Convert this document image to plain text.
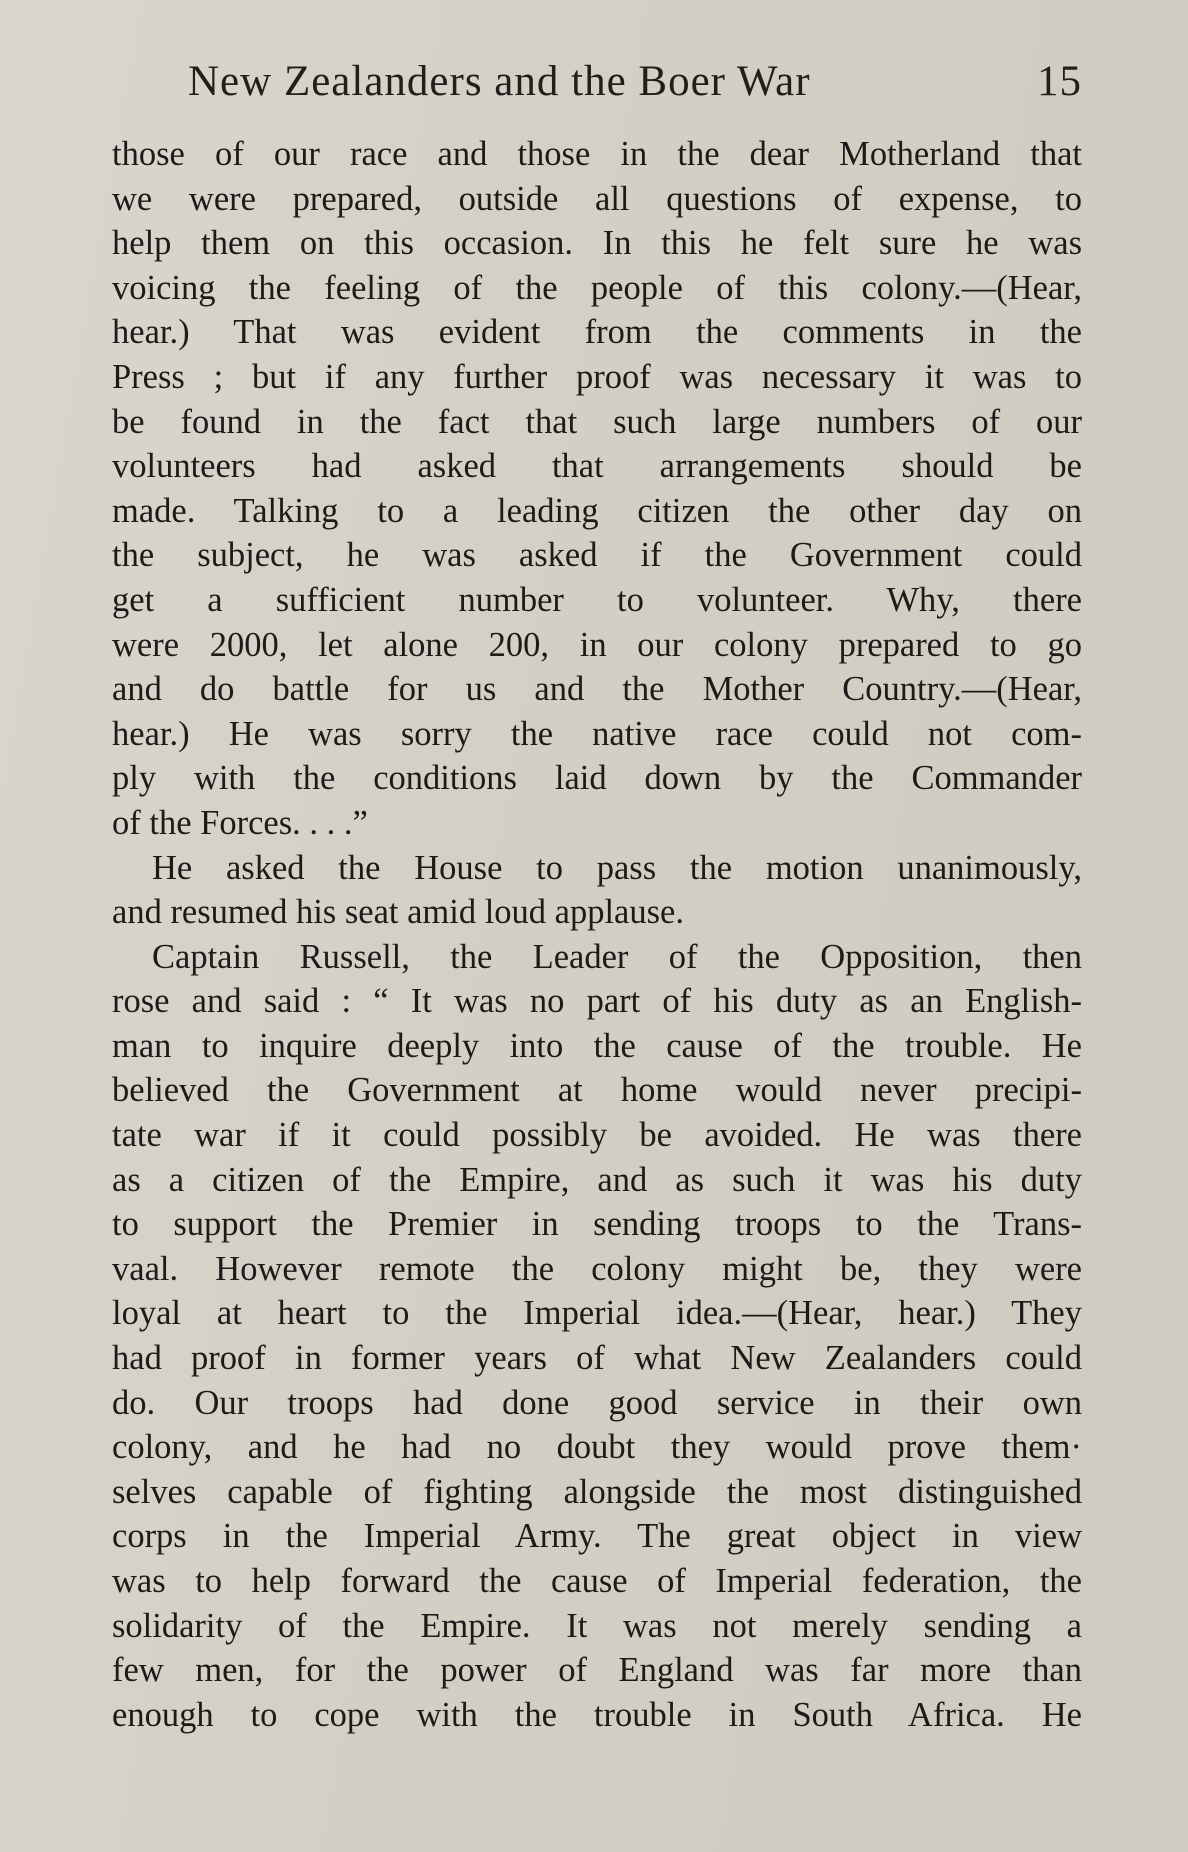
New Zealanders and the Boer War	15
those of our race and those in the dear Motherland that
we were prepared, outside all questions of expense, to
help them on this occasion. In this he felt sure he was
voicing the feeling of the people of this colony.—(Hear,
hear.) That was evident from the comments in the
Press ; but if any further proof was necessary it was to
be found in the fact that such large numbers of our
volunteers had asked that arrangements should be
made. Talking to a leading citizen the other day on
the subject, he was asked if the Government could
get a sufficient number to volunteer. Why, there
were 2000, let alone 200, in our colony prepared to go
and do battle for us and the Mother Country.—(Hear,
hear.) He was sorry the native race could not com-
ply with the conditions laid down by the Commander
of the Forces. . . .”
He asked the House to pass the motion unanimously,
and resumed his seat amid loud applause.
Captain Russell, the Leader of the Opposition, then
rose and said : “ It was no part of his duty as an English-
man to inquire deeply into the cause of the trouble. He
believed the Government at home would never precipi-
tate war if it could possibly be avoided. He was there
as a citizen of the Empire, and as such it was his duty
to support the Premier in sending troops to the Trans-
vaal. However remote the colony might be, they were
loyal at heart to the Imperial idea.—(Hear, hear.) They
had proof in former years of what New Zealanders could
do. Our troops had done good service in their own
colony, and he had no doubt they would prove them·
selves capable of fighting alongside the most distinguished
corps in the Imperial Army. The great object in view
was to help forward the cause of Imperial federation, the
solidarity of the Empire. It was not merely sending a
few men, for the power of England was far more than
enough to cope with the trouble in South Africa. He
